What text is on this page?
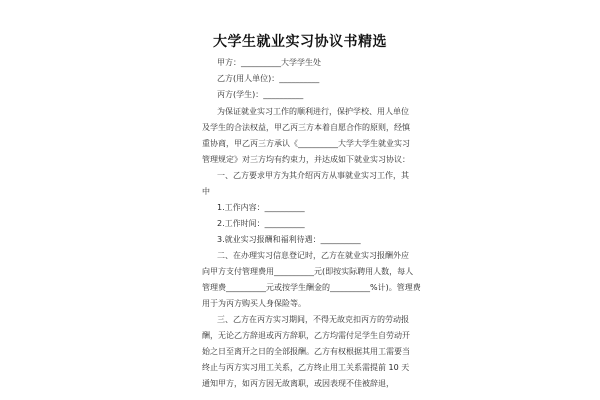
大学生就业实习协议书精选
甲方：__________大学学生处
乙方(用人单位)：__________
丙方(学生)：__________
为保证就业实习工作的顺利进行，保护学校、用人单位
及学生的合法权益，甲乙丙三方本着自愿合作的原则，经慎
重协商，甲乙丙三方承认《__________大学大学生就业实习
管理规定》对三方均有约束力，并达成如下就业实习协议：
一、乙方要求甲方为其介绍丙方从事就业实习工作，其
中
1.工作内容：__________
2.工作时间：__________
3.就业实习报酬和福利待遇：__________
二、在办理实习信息登记时，乙方在就业实习报酬外应
向甲方支付管理费用__________元(即按实际聘用人数，每人
管理费__________元或按学生酬金的__________%计)。管理费
用于为丙方购买人身保险等。
三、乙方在丙方实习期间，不得无故克扣丙方的劳动报
酬，无论乙方辞退或丙方辞职，乙方均需付足学生自劳动开
始之日至离开之日的全部报酬。乙方有权根据其用工需要当
终止与丙方实习用工关系，乙方终止用工关系需提前 10 天
通知甲方，如丙方因无故离职，或因表现不佳被辞退，
